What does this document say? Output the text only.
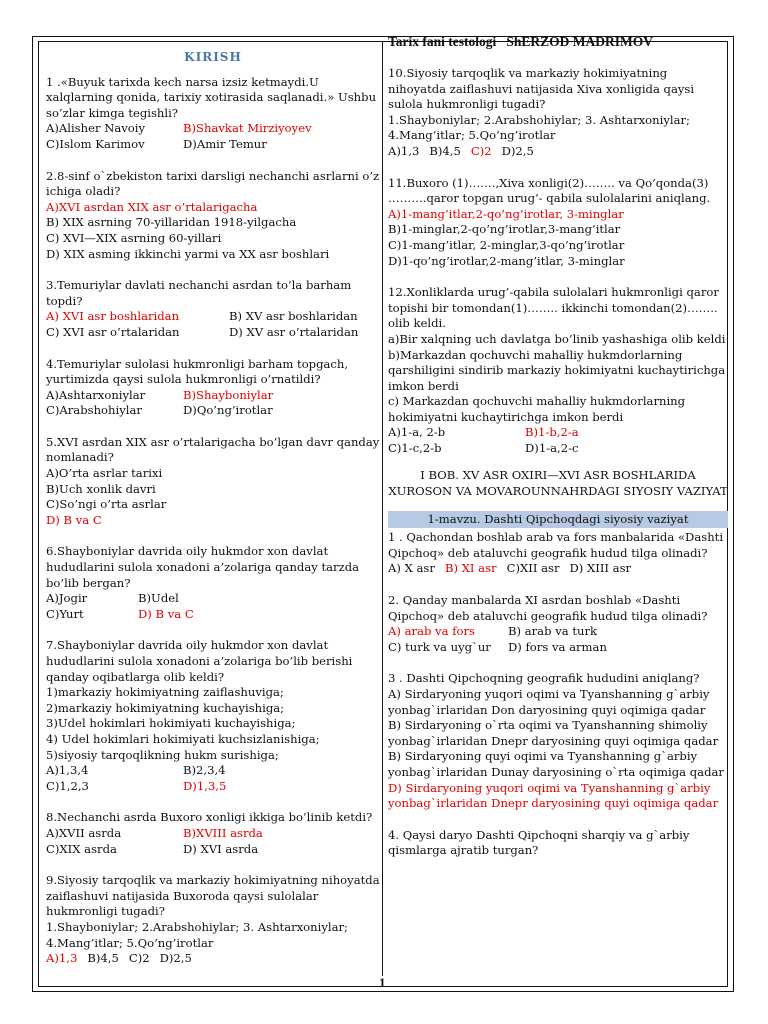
Tarix fani testologi   ShERZOD MADRIMOV
1
KIRISH

1 .«Buyuk tarixda kech narsa izsiz ketmaydi.U xalqlarning qonida, tarixiy xotirasida saqlanadi.» Ushbu so’zlar kimga tegishli?

A)Alisher Navoiy	B)Shavkat Mirziyoyev
C)Islom Karimov	D)Amir Temur

2.8-sinf o`zbekiston tarixi darsligi nechanchi asrlarni o’z ichiga oladi?

A)XVI asrdan XIX asr o’rtalarigacha

B) XIX asrning 70-yillaridan 1918-yilgacha

C) XVI—XIX asrning 60-yillari

D) XIX asming ikkinchi yarmi va XX asr boshlari

3.Temuriylar davlati nechanchi asrdan to’la barham topdi?

A) XVI asr boshlaridan	B) XV asr boshlaridan
C) XVI asr o’rtalaridan	D) XV asr o’rtalaridan

4.Temuriylar sulolasi hukmronligi barham topgach, yurtimizda qaysi sulola hukmronligi o’rnatildi?

A)Ashtarxoniylar	B)Shayboniylar
C)Arabshohiylar	D)Qo’ng’irotlar

5.XVI asrdan XIX asr o’rtalarigacha bo’lgan davr qanday nomlanadi?

A)O’rta asrlar tarixi

B)Uch xonlik davri

C)So’ngi o’rta asrlar

D) B va C

6.Shayboniylar davrida oily hukmdor xon davlat hududlarini sulola xonadoni a’zolariga qanday tarzda bo’lib bergan?

A)Jogir	B)Udel
C)Yurt	D) B va C

7.Shayboniylar davrida oily hukmdor xon davlat hududlarini sulola xonadoni a’zolariga bo’lib berishi qanday oqibatlarga olib keldi?

1)markaziy hokimiyatning zaiflashuviga;

2)markaziy hokimiyatning kuchayishiga;

3)Udel hokimlari hokimiyati kuchayishiga;

4) Udel hokimlari hokimiyati kuchsizlanishiga;

5)siyosiy tarqoqlikning hukm surishiga;

A)1,3,4	B)2,3,4
C)1,2,3	D)1,3,5

8.Nechanchi asrda Buxoro xonligi ikkiga bo’linib ketdi?

A)XVII asrda	B)XVIII asrda
C)XIX asrda	D) XVI asrda

9.Siyosiy tarqoqlik va markaziy hokimiyatning nihoyatda zaiflashuvi natijasida Buxoroda qaysi sulolalar hukmronligi tugadi?

1.Shayboniylar; 2.Arabshohiylar; 3. Ashtarxoniylar; 4.Mang’itlar; 5.Qo’ng’irotlar

A)1,3 B)4,5 C)2 D)2,5

10.Siyosiy tarqoqlik va markaziy hokimiyatning nihoyatda zaiflashuvi natijasida Xiva xonligida qaysi sulola hukmronligi tugadi?

1.Shayboniylar; 2.Arabshohiylar; 3. Ashtarxoniylar; 4.Mang’itlar; 5.Qo’ng’irotlar

A)1,3 B)4,5 C)2 D)2,5

11.Buxoro (1)…….,Xiva xonligi(2)…….. va Qo’qonda(3) ……….qaror topgan urug’- qabila sulolalarini aniqlang.

A)1-mang’itlar,2-qo’ng’irotlar, 3-minglar

B)1-minglar,2-qo’ng’irotlar,3-mang’itlar

C)1-mang’itlar, 2-minglar,3-qo’ng’irotlar

D)1-qo’ng’irotlar,2-mang’itlar, 3-minglar

12.Xonliklarda urug’-qabila sulolalari hukmronligi qaror topishi bir tomondan(1)…….. ikkinchi tomondan(2)…….. olib keldi.

a)Bir xalqning uch davlatga bo’linib yashashiga olib keldi

b)Markazdan qochuvchi mahalliy hukmdorlarning qarshiligini sindirib markaziy hokimiyatni kuchaytirichga imkon berdi

c) Markazdan qochuvchi mahalliy hukmdorlarning hokimiyatni kuchaytirichga imkon berdi

A)1-a, 2-b	B)1-b,2-a
C)1-c,2-b	D)1-a,2-c
I BOB. XV ASR OXIRI—XVI ASR BOSHLARIDA XUROSON VA MOVAROUNNAHRDAGI SIYOSIY VAZIYAT
1-mavzu. Dashti Qipchoqdagi siyosiy vaziyat

1 . Qachondan boshlab arab va fors manbalarida «Dashti Qipchoq» deb ataluvchi geografik hudud tilga olinadi?

A) X asr B) XI asr C)XII asr D) XIII asr

2. Qanday manbalarda XI asrdan boshlab «Dashti Qipchoq» deb ataluvchi geografik hudud tilga olinadi?

A) arab va fors	B) arab va turk
C) turk va uyg`ur	D) fors va arman

3 . Dashti Qipchoqning geografik hududini aniqlang?

A) Sirdaryoning yuqori oqimi va Tyanshanning g`arbiy yonbag`irlaridan Don daryosining quyi oqimiga qadar

B) Sirdaryoning o`rta oqimi va Tyanshanning shimoliy yonbag`irlaridan Dnepr daryosining quyi oqimiga qadar

B) Sirdaryoning quyi oqimi va Tyanshanning g`arbiy yonbag`irlaridan Dunay daryosining o`rta oqimiga qadar

D) Sirdaryoning yuqori oqimi va Tyanshanning g`arbiy yonbag`irlaridan Dnepr daryosining quyi oqimiga qadar

4. Qaysi daryo Dashti Qipchoqni sharqiy va g`arbiy qismlarga ajratib turgan?
